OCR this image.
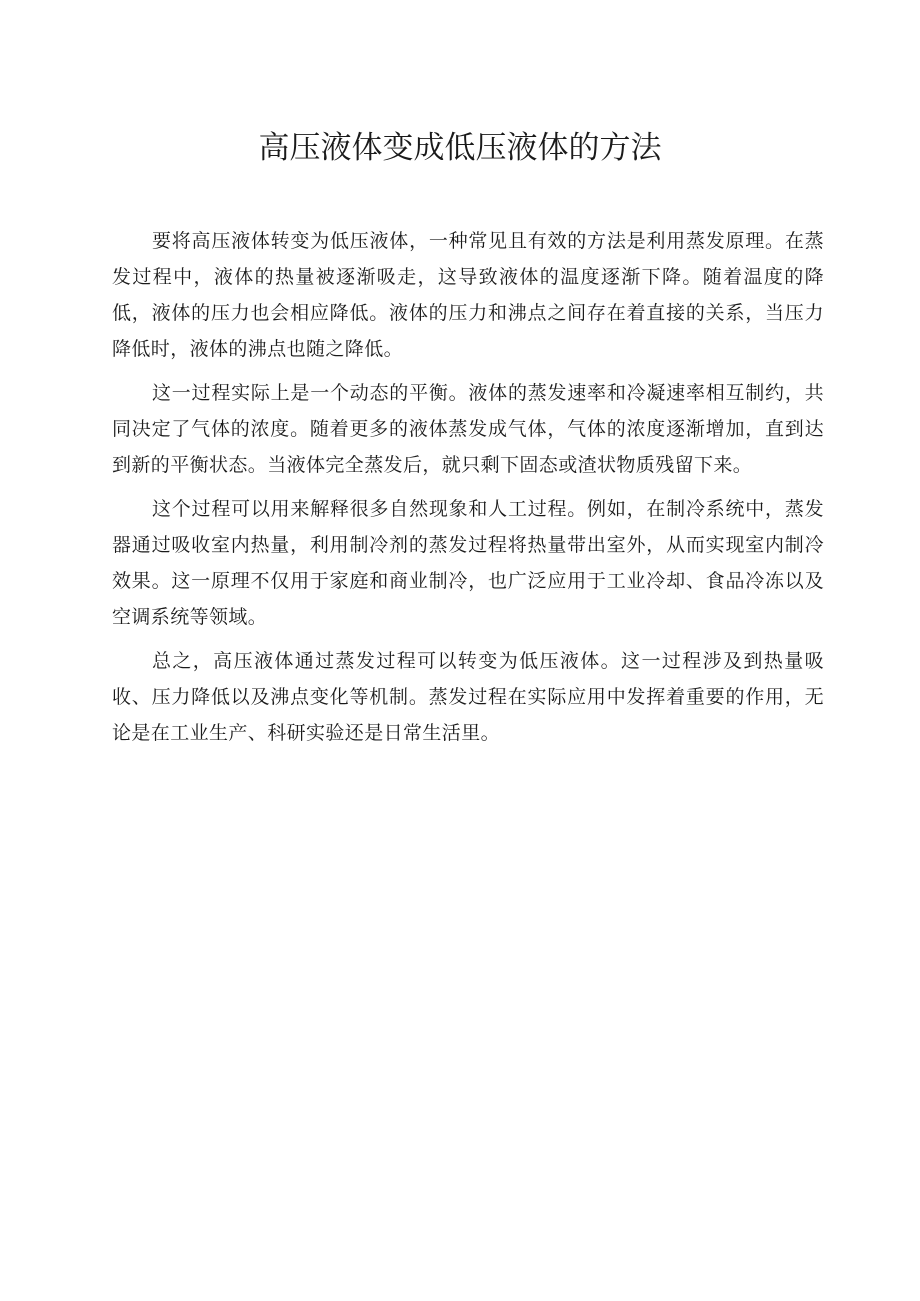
高压液体变成低压液体的方法

要将高压液体转变为低压液体，一种常见且有效的方法是利用蒸发原理。在蒸发过程中，液体的热量被逐渐吸走，这导致液体的温度逐渐下降。随着温度的降低，液体的压力也会相应降低。液体的压力和沸点之间存在着直接的关系，当压力降低时，液体的沸点也随之降低。

这一过程实际上是一个动态的平衡。液体的蒸发速率和冷凝速率相互制约，共同决定了气体的浓度。随着更多的液体蒸发成气体，气体的浓度逐渐增加，直到达到新的平衡状态。当液体完全蒸发后，就只剩下固态或渣状物质残留下来。

这个过程可以用来解释很多自然现象和人工过程。例如，在制冷系统中，蒸发器通过吸收室内热量，利用制冷剂的蒸发过程将热量带出室外，从而实现室内制冷效果。这一原理不仅用于家庭和商业制冷，也广泛应用于工业冷却、食品冷冻以及空调系统等领域。

总之，高压液体通过蒸发过程可以转变为低压液体。这一过程涉及到热量吸收、压力降低以及沸点变化等机制。蒸发过程在实际应用中发挥着重要的作用，无论是在工业生产、科研实验还是日常生活里。
